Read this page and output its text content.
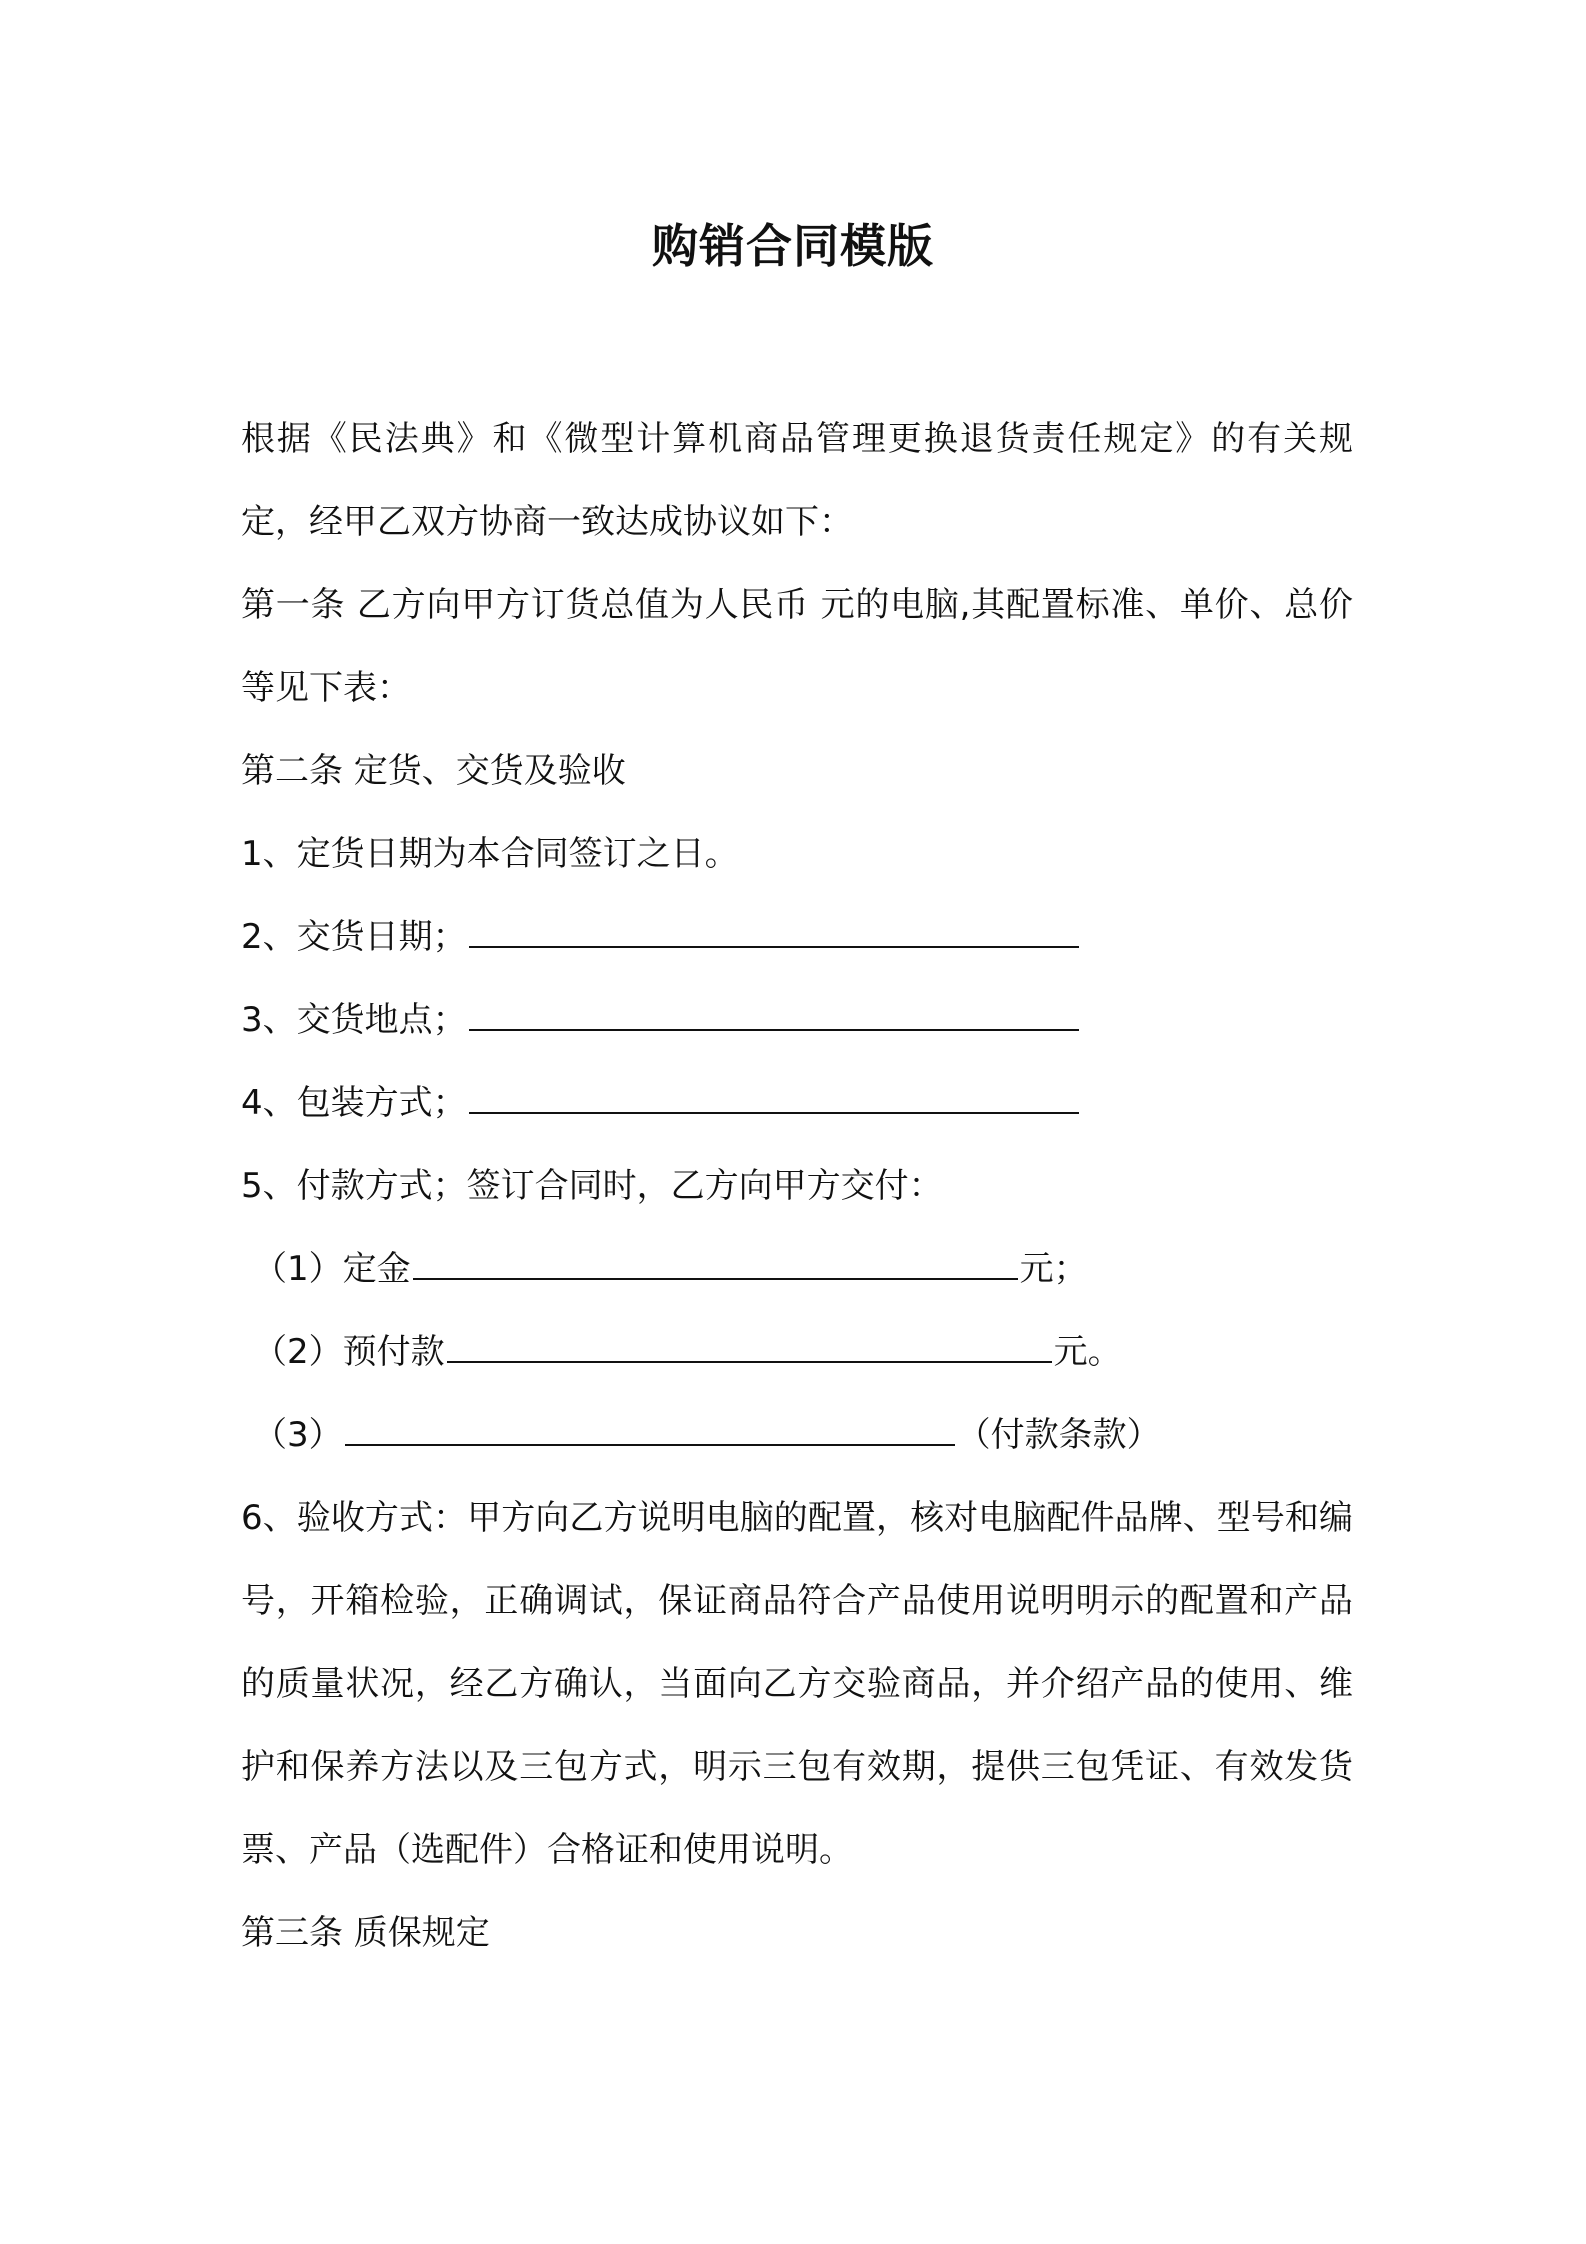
购销合同模版

根据《民法典》和《微型计算机商品管理更换退货责任规定》的有关规定，经甲乙双方协商一致达成协议如下：

第一条 乙方向甲方订货总值为人民币 元的电脑,其配置标准、单价、总价等见下表：

第二条 定货、交货及验收

1、定货日期为本合同签订之日。

2、交货日期；

3、交货地点；

4、包装方式；

5、付款方式；签订合同时，乙方向甲方交付：

（1）定金	元；

（2）预付款	元。

（3）	（付款条款）

6、验收方式：甲方向乙方说明电脑的配置，核对电脑配件品牌、型号和编号，开箱检验，正确调试，保证商品符合产品使用说明明示的配置和产品的质量状况，经乙方确认，当面向乙方交验商品，并介绍产品的使用、维护和保养方法以及三包方式，明示三包有效期，提供三包凭证、有效发货票、产品（选配件）合格证和使用说明。

第三条 质保规定
